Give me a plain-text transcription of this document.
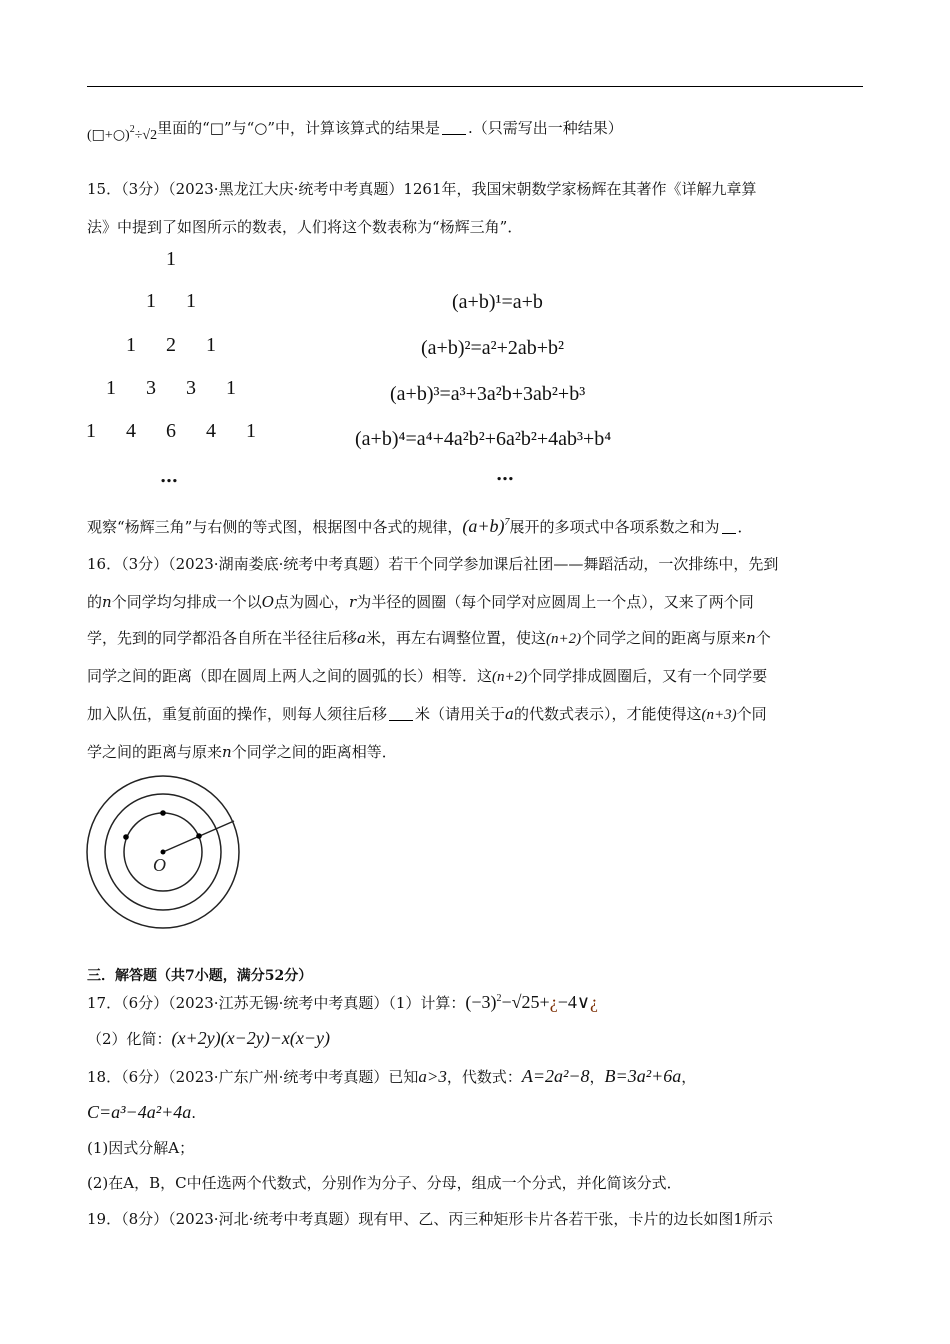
(□+○)$^2$÷√2里面的“□”与“○”中，计算该算式的结果是 .（只需写出一种结果）
15．（3分）（2023·黑龙江大庆·统考中考真题）1261年，我国宋朝数学家杨辉在其著作《详解九章算
法》中提到了如图所示的数表，人们将这个数表称为“杨辉三角”．
1
1 1
1 2 1
1 3 3 1
1 4 6 4 1
…
(a+b)¹=a+b
(a+b)²=a²+2ab+b²
(a+b)³=a³+3a²b+3ab²+b³
(a+b)⁴=a⁴+4a²b²+6a²b²+4ab³+b⁴
…
观察“杨辉三角”与右侧的等式图，根据图中各式的规律，$(a+b)^7$展开的多项式中各项系数之和为 ．
16．（3分）（2023·湖南娄底·统考中考真题）若干个同学参加课后社团——舞蹈活动，一次排练中，先到
的n个同学均匀排成一个以O点为圆心，r为半径的圆圈（每个同学对应圆周上一个点），又来了两个同
学，先到的同学都沿各自所在半径往后移a米，再左右调整位置，使这(n+2)个同学之间的距离与原来n个
同学之间的距离（即在圆周上两人之间的圆弧的长）相等．这(n+2)个同学排成圆圈后，又有一个同学要
加入队伍，重复前面的操作，则每人须往后移 米（请用关于a的代数式表示），才能使得这(n+3)个同
学之间的距离与原来n个同学之间的距离相等．
O
三．解答题（共7小题，满分52分）
17．（6分）（2023·江苏无锡·统考中考真题）（1）计算：$(-3)^2-√25+¿-4\vee¿$
（2）化简：(x+2y)(x−2y)−x(x−y)
18．（6分）（2023·广东广州·统考中考真题）已知a>3，代数式：A=2a²−8，B=3a²+6a，
C=a³−4a²+4a.
(1)因式分解A；
(2)在A，B，C中任选两个代数式，分别作为分子、分母，组成一个分式，并化简该分式．
19．（8分）（2023·河北·统考中考真题）现有甲、乙、丙三种矩形卡片各若干张，卡片的边长如图1所示
